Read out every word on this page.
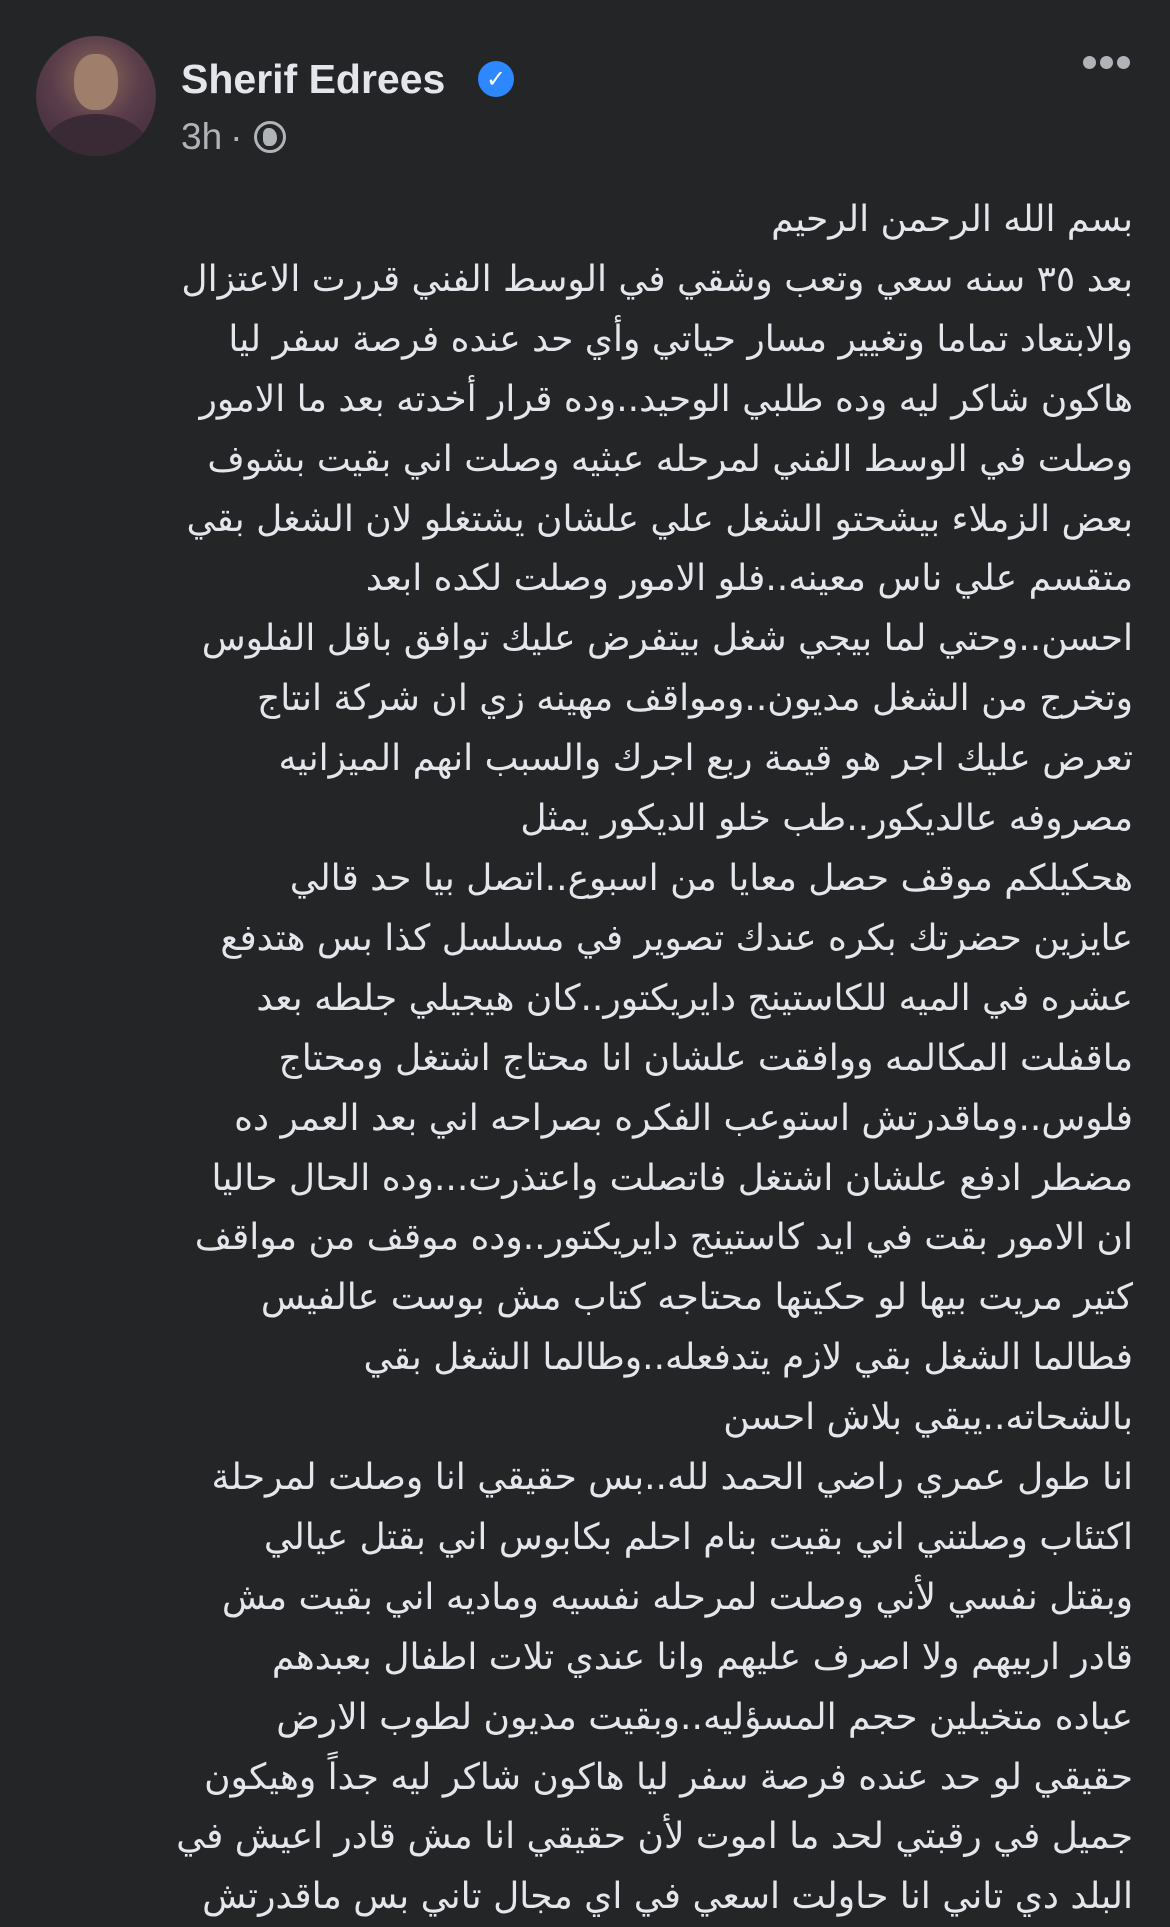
Sherif Edrees	✓
3h ·
بسم الله الرحمن الرحيم
بعد ٣٥ سنه سعي وتعب وشقي في الوسط الفني قررت الاعتزال
والابتعاد تماما وتغيير مسار حياتي وأي حد عنده فرصة سفر ليا
هاكون شاكر ليه وده طلبي الوحيد..وده قرار أخدته بعد ما الامور
وصلت في الوسط الفني لمرحله عبثيه وصلت اني بقيت بشوف
بعض الزملاء بيشحتو الشغل علي علشان يشتغلو لان الشغل بقي
متقسم علي ناس معينه..فلو الامور وصلت لكده ابعد
احسن..وحتي لما بيجي شغل بيتفرض عليك توافق باقل الفلوس
وتخرج من الشغل مديون..ومواقف مهينه زي ان شركة انتاج
تعرض عليك اجر هو قيمة ربع اجرك والسبب انهم الميزانيه
مصروفه عالديكور..طب خلو الديكور يمثل
هحكيلكم موقف حصل معايا من اسبوع..اتصل بيا حد قالي
عايزين حضرتك بكره عندك تصوير في مسلسل كذا بس هتدفع
عشره في الميه للكاستينج دايريكتور..كان هيجيلي جلطه بعد
ماقفلت المكالمه ووافقت علشان انا محتاج اشتغل ومحتاج
فلوس..وماقدرتش استوعب الفكره بصراحه اني بعد العمر ده
مضطر ادفع علشان اشتغل فاتصلت واعتذرت...وده الحال حاليا
ان الامور بقت في ايد كاستينج دايريكتور..وده موقف من مواقف
كتير مريت بيها لو حكيتها محتاجه كتاب مش بوست عالفيس
فطالما الشغل بقي لازم يتدفعله..وطالما الشغل بقي
بالشحاته..يبقي بلاش احسن
انا طول عمري راضي الحمد لله..بس حقيقي انا وصلت لمرحلة
اكتئاب وصلتني اني بقيت بنام احلم بكابوس اني بقتل عيالي
وبقتل نفسي لأني وصلت لمرحله نفسيه وماديه اني بقيت مش
قادر اربيهم ولا اصرف عليهم وانا عندي تلات اطفال بعبدهم
عباده متخيلين حجم المسؤليه..وبقيت مديون لطوب الارض
حقيقي لو حد عنده فرصة سفر ليا هاكون شاكر ليه جداً وهيكون
جميل في رقبتي لحد ما اموت لأن حقيقي انا مش قادر اعيش في
البلد دي تاني انا حاولت اسعي في اي مجال تاني بس ماقدرتش
